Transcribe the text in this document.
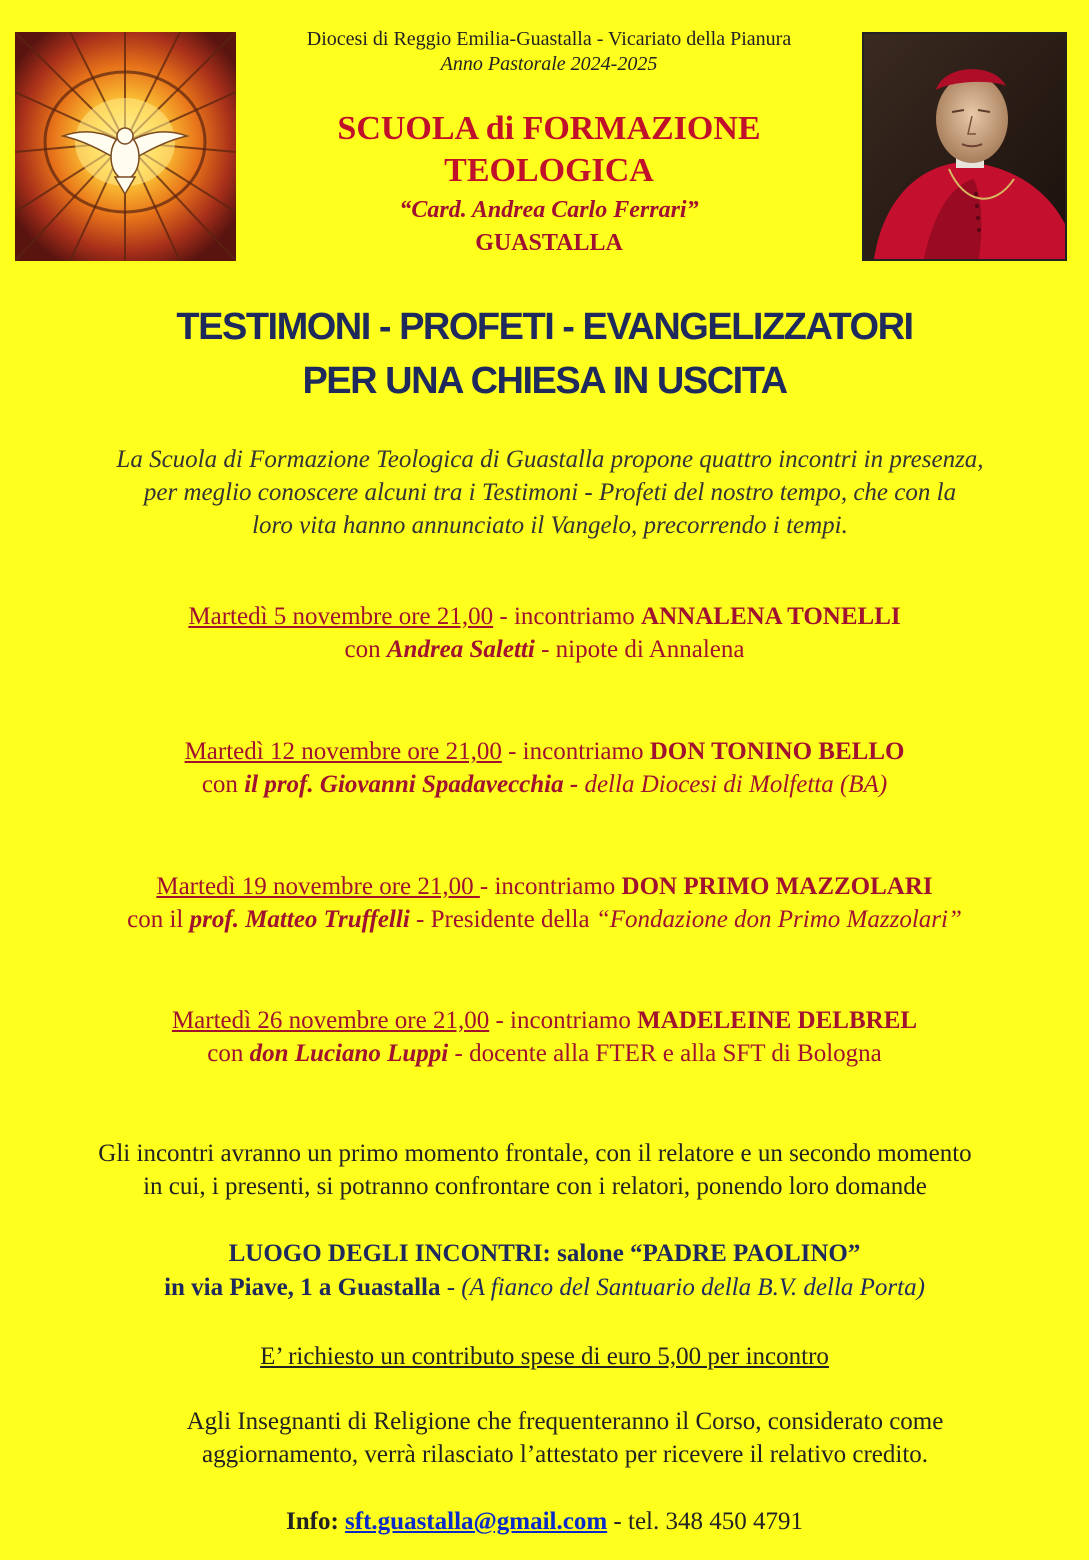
Diocesi di Reggio Emilia-Guastalla - Vicariato della Pianura
Anno Pastorale 2024-2025
SCUOLA di FORMAZIONE
TEOLOGICA
“Card. Andrea Carlo Ferrari”
GUASTALLA
TESTIMONI - PROFETI - EVANGELIZZATORI
PER UNA CHIESA IN USCITA
La Scuola di Formazione Teologica di Guastalla propone quattro incontri in presenza,
per meglio conoscere alcuni tra i Testimoni - Profeti del nostro tempo, che con la
loro vita hanno annunciato il Vangelo, precorrendo i tempi.
Martedì 5 novembre ore 21,00 - incontriamo ANNALENA TONELLI
con Andrea Saletti - nipote di Annalena
Martedì 12 novembre ore 21,00 - incontriamo DON TONINO BELLO
con il prof. Giovanni Spadavecchia - della Diocesi di Molfetta (BA)
Martedì 19 novembre ore 21,00 - incontriamo DON PRIMO MAZZOLARI
con il prof. Matteo Truffelli - Presidente della “Fondazione don Primo Mazzolari”
Martedì 26 novembre ore 21,00 - incontriamo MADELEINE DELBREL
con don Luciano Luppi - docente alla FTER e alla SFT di Bologna
Gli incontri avranno un primo momento frontale, con il relatore e un secondo momento
in cui, i presenti, si potranno confrontare con i relatori, ponendo loro domande
LUOGO DEGLI INCONTRI: salone “PADRE PAOLINO”
in via Piave, 1 a Guastalla - (A fianco del Santuario della B.V. della Porta)
E’ richiesto un contributo spese di euro 5,00 per incontro
Agli Insegnanti di Religione che frequenteranno il Corso, considerato come
aggiornamento, verrà rilasciato l’attestato per ricevere il relativo credito.
Info: sft.guastalla@gmail.com - tel. 348 450 4791
